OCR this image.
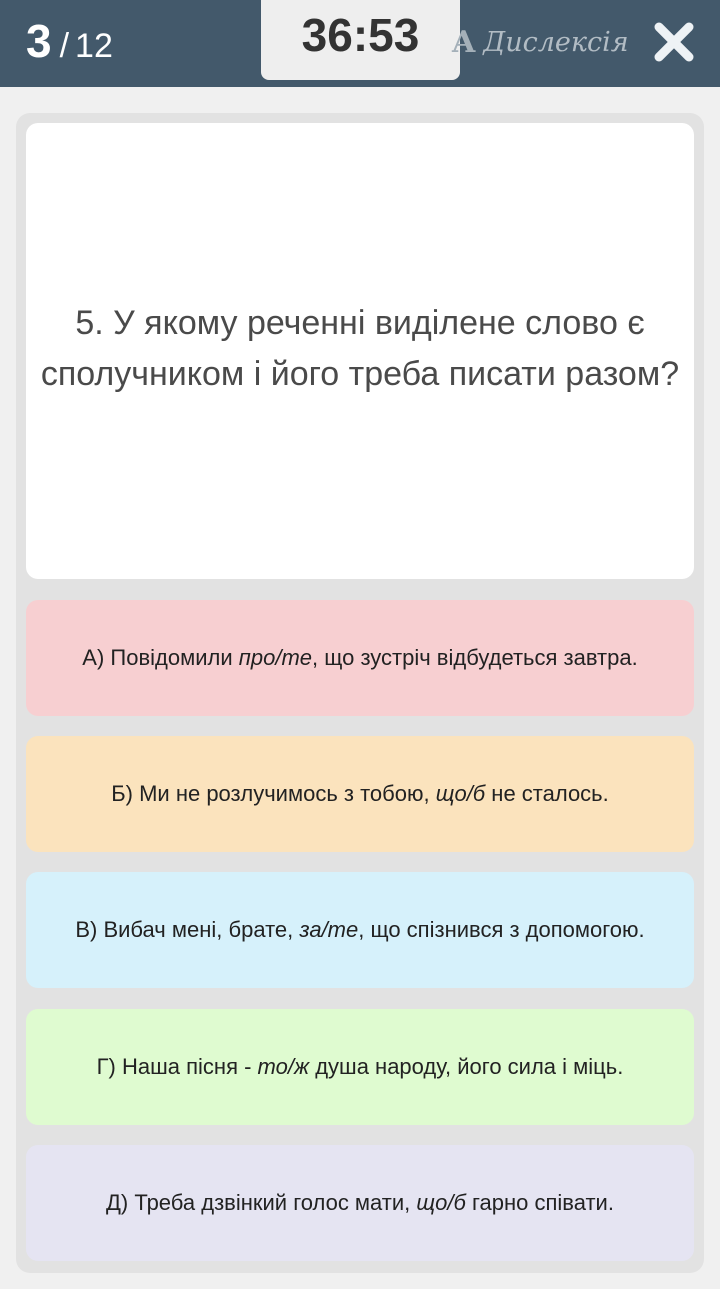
3 / 12	36:53 A Дислексія
5. У якому реченні виділене слово є сполучником і його треба писати разом?
А) Повідомили про/те, що зустріч відбудеться завтра.
Б) Ми не розлучимось з тобою, що/б не сталось.
В) Вибач мені, брате, за/те, що спізнився з допомогою.
Г) Наша пісня - то/ж душа народу, його сила і міць.
Д) Треба дзвінкий голос мати, що/б гарно співати.
